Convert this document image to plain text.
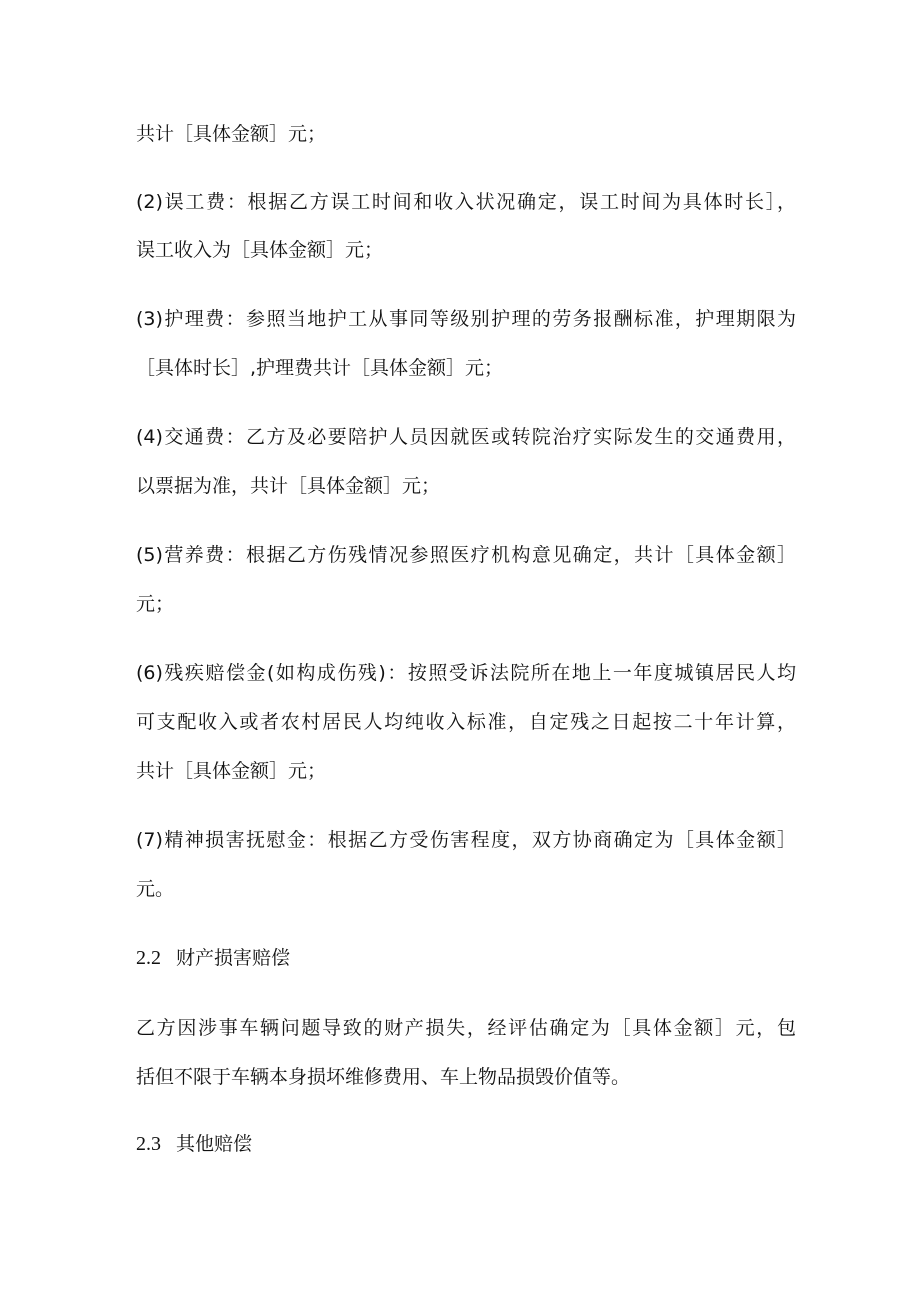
共计［具体金额］元；
(2)误工费：根据乙方误工时间和收入状况确定，误工时间为具体时长］，
误工收入为［具体金额］元；
(3)护理费：参照当地护工从事同等级别护理的劳务报酬标准，护理期限为
［具体时长］,护理费共计［具体金额］元；
(4)交通费：乙方及必要陪护人员因就医或转院治疗实际发生的交通费用，
以票据为准，共计［具体金额］元；
(5)营养费：根据乙方伤残情况参照医疗机构意见确定，共计［具体金额］
元；
(6)残疾赔偿金(如构成伤残)：按照受诉法院所在地上一年度城镇居民人均
可支配收入或者农村居民人均纯收入标准，自定残之日起按二十年计算，
共计［具体金额］元；
(7)精神损害抚慰金：根据乙方受伤害程度，双方协商确定为［具体金额］
元。
2.2 财产损害赔偿
乙方因涉事车辆问题导致的财产损失，经评估确定为［具体金额］元，包
括但不限于车辆本身损坏维修费用、车上物品损毁价值等。
2.3 其他赔偿
